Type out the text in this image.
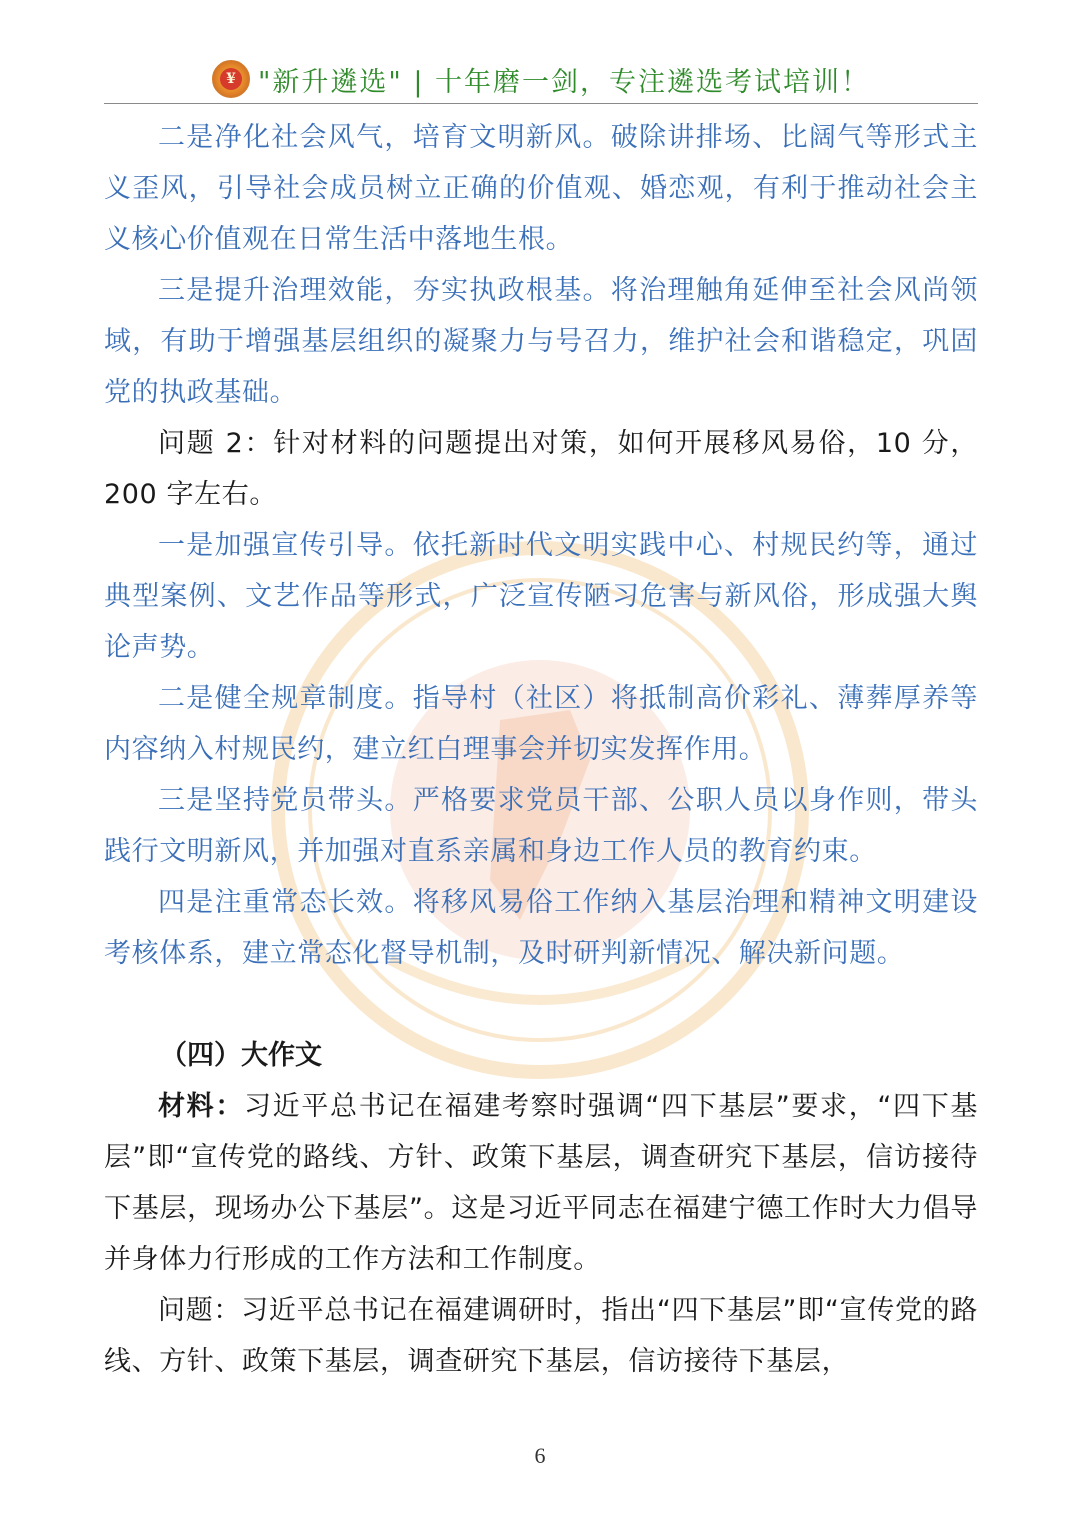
¥ "新升遴选" | 十年磨一剑，专注遴选考试培训！

二是净化社会风气，培育文明新风。破除讲排场、比阔气等形式主义歪风，引导社会成员树立正确的价值观、婚恋观，有利于推动社会主义核心价值观在日常生活中落地生根。

三是提升治理效能，夯实执政根基。将治理触角延伸至社会风尚领域，有助于增强基层组织的凝聚力与号召力，维护社会和谐稳定，巩固党的执政基础。

问题 2：针对材料的问题提出对策，如何开展移风易俗，10 分，200 字左右。

一是加强宣传引导。依托新时代文明实践中心、村规民约等，通过典型案例、文艺作品等形式，广泛宣传陋习危害与新风俗，形成强大舆论声势。

二是健全规章制度。指导村（社区）将抵制高价彩礼、薄葬厚养等内容纳入村规民约，建立红白理事会并切实发挥作用。

三是坚持党员带头。严格要求党员干部、公职人员以身作则，带头践行文明新风，并加强对直系亲属和身边工作人员的教育约束。

四是注重常态长效。将移风易俗工作纳入基层治理和精神文明建设考核体系，建立常态化督导机制，及时研判新情况、解决新问题。

（四）大作文

材料：习近平总书记在福建考察时强调“四下基层”要求，“四下基层”即“宣传党的路线、方针、政策下基层，调查研究下基层，信访接待下基层，现场办公下基层”。这是习近平同志在福建宁德工作时大力倡导并身体力行形成的工作方法和工作制度。

问题：习近平总书记在福建调研时，指出“四下基层”即“宣传党的路线、方针、政策下基层，调查研究下基层，信访接待下基层，

6
